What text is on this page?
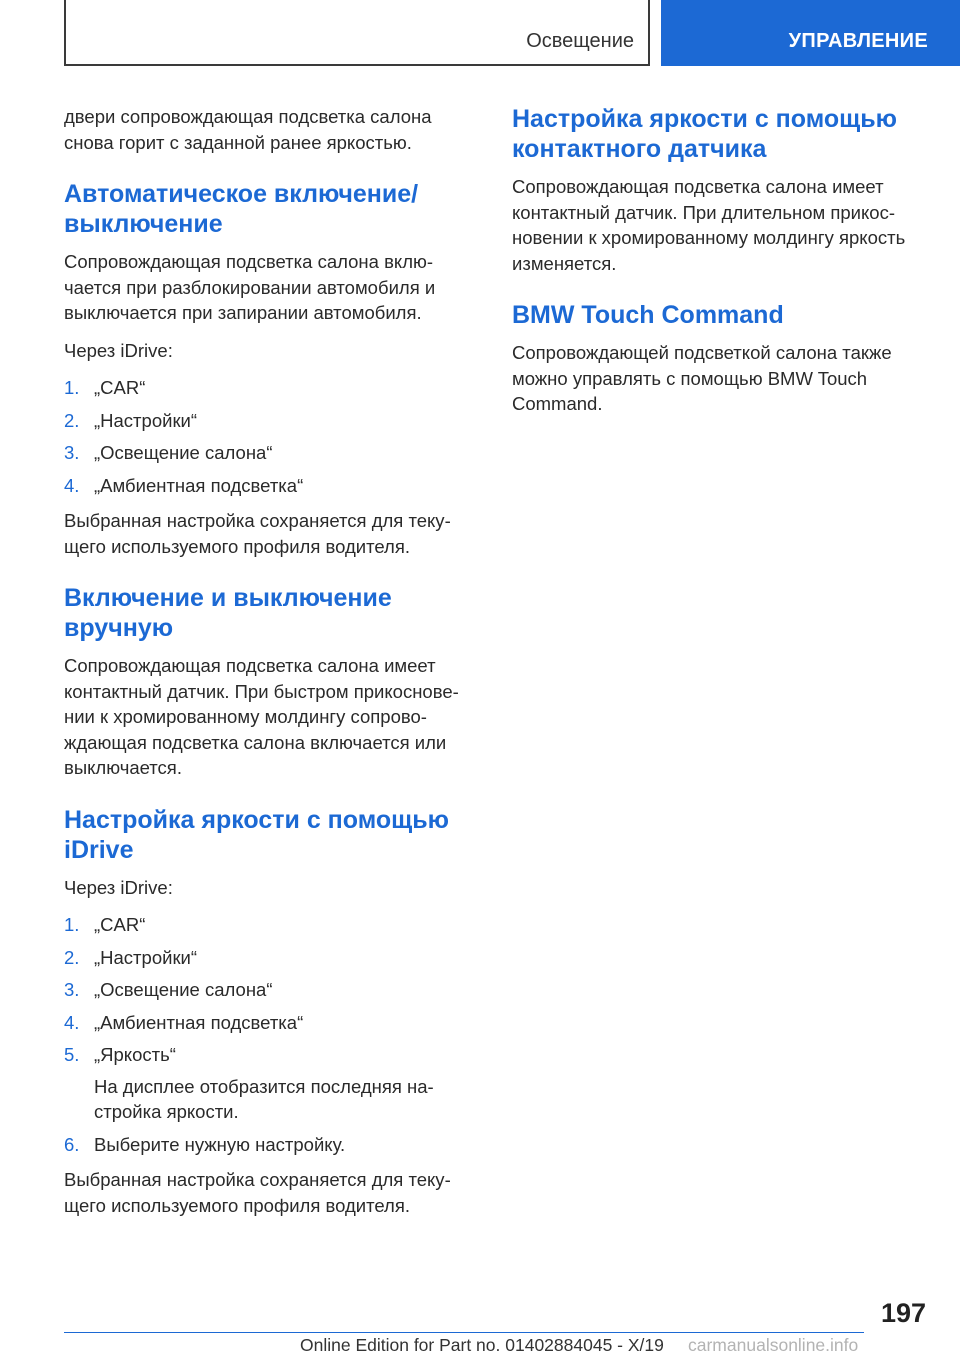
Освещение	УПРАВЛЕНИЕ

двери сопровождающая подсветка салона снова горит с заданной ранее яркостью.

Автоматическое включение/ выключение

Сопровождающая подсветка салона включается при разблокировании автомобиля и выключается при запирании автомобиля.

Через iDrive:

1. „CAR“
2. „Настройки“
3. „Освещение салона“
4. „Амбиентная подсветка“

Выбранная настройка сохраняется для текущего используемого профиля водителя.

Включение и выключение вручную

Сопровождающая подсветка салона имеет контактный датчик. При быстром прикосновении к хромированному молдингу сопровождающая подсветка салона включается или выключается.

Настройка яркости с помощью iDrive

Через iDrive:

1. „CAR“
2. „Настройки“
3. „Освещение салона“
4. „Амбиентная подсветка“
5. „Яркость“
На дисплее отобразится последняя настройка яркости.
6. Выберите нужную настройку.

Выбранная настройка сохраняется для текущего используемого профиля водителя.

Настройка яркости с помощью контактного датчика

Сопровождающая подсветка салона имеет контактный датчик. При длительном прикосновении к хромированному молдингу яркость изменяется.

BMW Touch Command

Сопровождающей подсветкой салона также можно управлять с помощью BMW Touch Command.

197
Online Edition for Part no. 01402884045 - X/19 carmanualsonline.info
